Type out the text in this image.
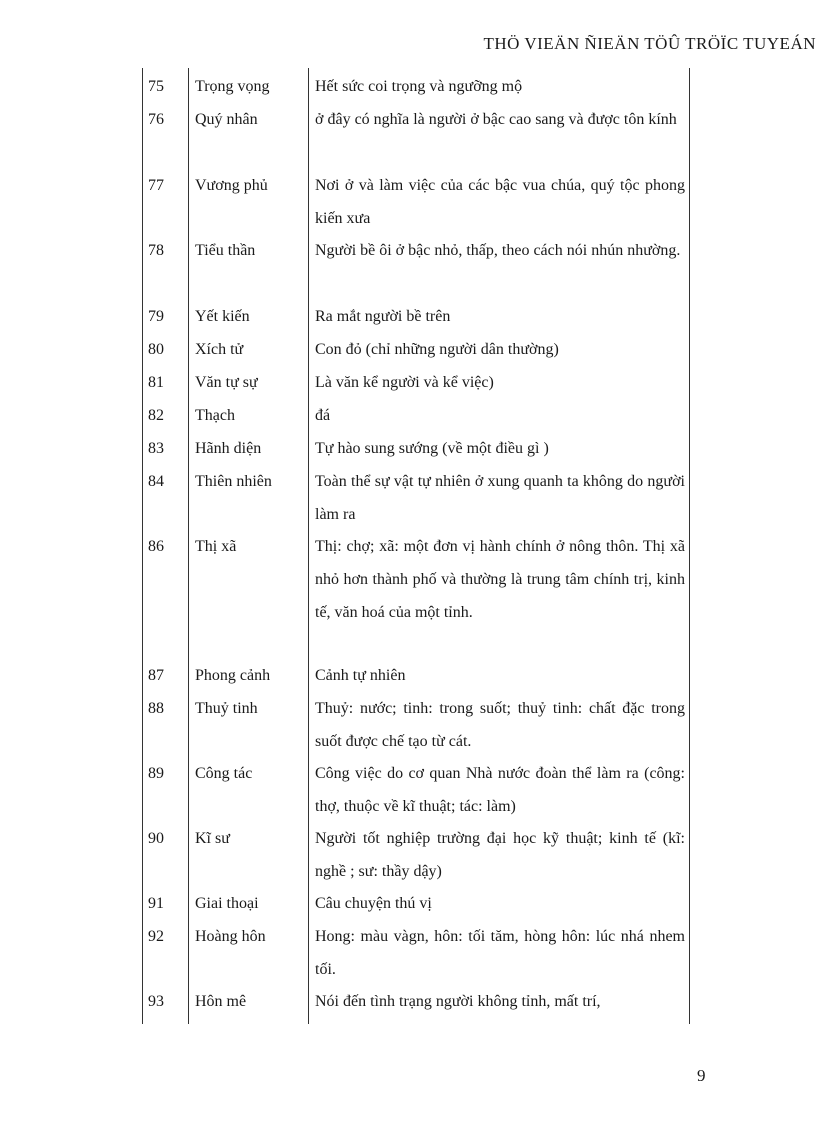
THÖ VIEÄN ÑIEÄN TÖÛ TRÖÏC TUYEÁN
75 Trọng vọng	Hết sức coi trọng và ngưỡng mộ
76 Quý nhân	ở đây có nghĩa là người ở bậc cao sang và được tôn kính
77 Vương phủ	Nơi ở và làm việc của các bậc vua chúa, quý tộc phong kiến xưa
78 Tiểu thần	Người bề ôi ở bậc nhỏ, thấp, theo cách nói nhún nhường.
79 Yết kiến	Ra mắt người bề trên
80 Xích tử	Con đỏ (chỉ những người dân thường)
81 Văn tự sự	Là văn kể người và kể việc)
82 Thạch	đá
83 Hãnh diện	Tự hào sung sướng (về một điều gì )
84 Thiên nhiên	Toàn thể sự vật tự nhiên ở xung quanh ta không do người làm ra
86 Thị xã	Thị: chợ; xã: một đơn vị hành chính ở nông thôn. Thị xã nhỏ hơn thành phố và thường là trung tâm chính trị, kinh tế, văn hoá của một tỉnh.
87 Phong cảnh	Cảnh tự nhiên
88 Thuỷ tinh	Thuỷ: nước; tinh: trong suốt; thuỷ tinh: chất đặc trong suốt được chế tạo từ cát.
89 Công tác	Công việc do cơ quan Nhà nước đoàn thể làm ra (công: thợ, thuộc về kĩ thuật; tác: làm)
90 Kĩ sư	Người tốt nghiệp trường đại học kỹ thuật; kinh tế (kĩ: nghề ; sư: thầy dậy)
91 Giai thoại	Câu chuyện thú vị
92 Hoàng hôn	Hong: màu vàgn, hôn: tối tăm, hòng hôn: lúc nhá nhem tối.
93 Hôn mê	Nói đến tình trạng người không tỉnh, mất trí,
9
